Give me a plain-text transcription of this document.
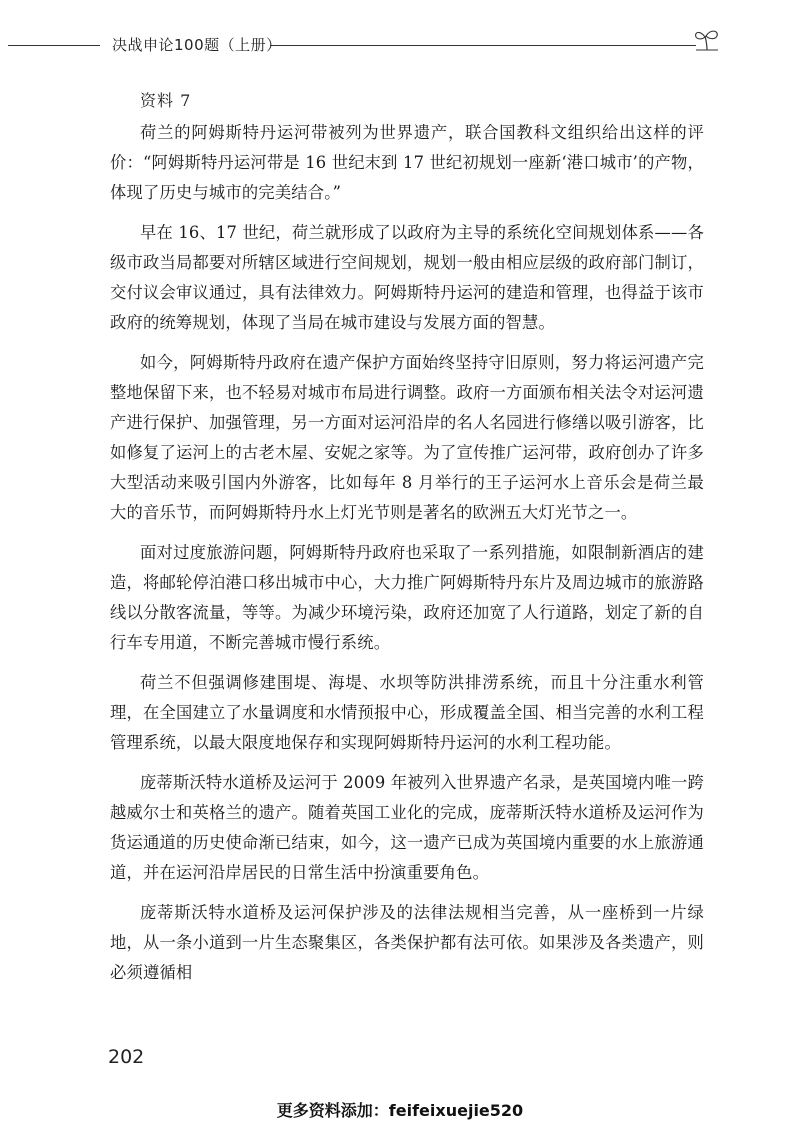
决战申论100题（上册）
资料 7

荷兰的阿姆斯特丹运河带被列为世界遗产，联合国教科文组织给出这样的评价：“阿姆斯特丹运河带是 16 世纪末到 17 世纪初规划一座新‘港口城市’的产物，体现了历史与城市的完美结合。”

早在 16、17 世纪，荷兰就形成了以政府为主导的系统化空间规划体系——各级市政当局都要对所辖区域进行空间规划，规划一般由相应层级的政府部门制订，交付议会审议通过，具有法律效力。阿姆斯特丹运河的建造和管理，也得益于该市政府的统筹规划，体现了当局在城市建设与发展方面的智慧。

如今，阿姆斯特丹政府在遗产保护方面始终坚持守旧原则，努力将运河遗产完整地保留下来，也不轻易对城市布局进行调整。政府一方面颁布相关法令对运河遗产进行保护、加强管理，另一方面对运河沿岸的名人名园进行修缮以吸引游客，比如修复了运河上的古老木屋、安妮之家等。为了宣传推广运河带，政府创办了许多大型活动来吸引国内外游客，比如每年 8 月举行的王子运河水上音乐会是荷兰最大的音乐节，而阿姆斯特丹水上灯光节则是著名的欧洲五大灯光节之一。

面对过度旅游问题，阿姆斯特丹政府也采取了一系列措施，如限制新酒店的建造，将邮轮停泊港口移出城市中心，大力推广阿姆斯特丹东片及周边城市的旅游路线以分散客流量，等等。为减少环境污染，政府还加宽了人行道路，划定了新的自行车专用道，不断完善城市慢行系统。

荷兰不但强调修建围堤、海堤、水坝等防洪排涝系统，而且十分注重水利管理，在全国建立了水量调度和水情预报中心，形成覆盖全国、相当完善的水利工程管理系统，以最大限度地保存和实现阿姆斯特丹运河的水利工程功能。

庞蒂斯沃特水道桥及运河于 2009 年被列入世界遗产名录，是英国境内唯一跨越威尔士和英格兰的遗产。随着英国工业化的完成，庞蒂斯沃特水道桥及运河作为货运通道的历史使命渐已结束，如今，这一遗产已成为英国境内重要的水上旅游通道，并在运河沿岸居民的日常生活中扮演重要角色。

庞蒂斯沃特水道桥及运河保护涉及的法律法规相当完善，从一座桥到一片绿地，从一条小道到一片生态聚集区，各类保护都有法可依。如果涉及各类遗产，则必须遵循相

202
更多资料添加：feifeixuejie520
